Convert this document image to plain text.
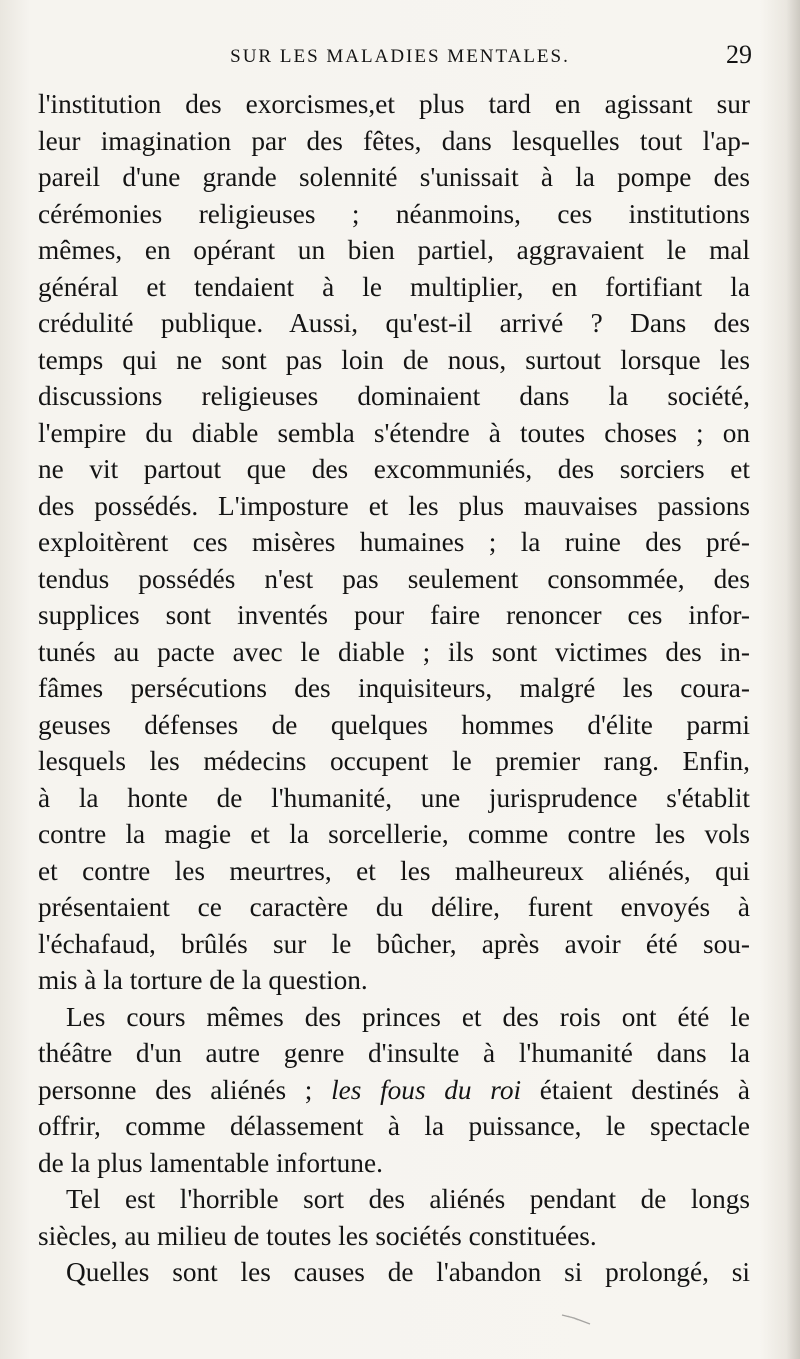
SUR LES MALADIES MENTALES.	29
l'institution des exorcismes,et plus tard en agissant sur
leur imagination par des fêtes, dans lesquelles tout l'ap-
pareil d'une grande solennité s'unissait à la pompe des
cérémonies religieuses ; néanmoins, ces institutions
mêmes, en opérant un bien partiel, aggravaient le mal
général et tendaient à le multiplier, en fortifiant la
crédulité publique. Aussi, qu'est-il arrivé ? Dans des
temps qui ne sont pas loin de nous, surtout lorsque les
discussions religieuses dominaient dans la société,
l'empire du diable sembla s'étendre à toutes choses ; on
ne vit partout que des excommuniés, des sorciers et
des possédés. L'imposture et les plus mauvaises passions
exploitèrent ces misères humaines ; la ruine des pré-
tendus possédés n'est pas seulement consommée, des
supplices sont inventés pour faire renoncer ces infor-
tunés au pacte avec le diable ; ils sont victimes des in-
fâmes persécutions des inquisiteurs, malgré les coura-
geuses défenses de quelques hommes d'élite parmi
lesquels les médecins occupent le premier rang. Enfin,
à la honte de l'humanité, une jurisprudence s'établit
contre la magie et la sorcellerie, comme contre les vols
et contre les meurtres, et les malheureux aliénés, qui
présentaient ce caractère du délire, furent envoyés à
l'échafaud, brûlés sur le bûcher, après avoir été sou-
mis à la torture de la question.
Les cours mêmes des princes et des rois ont été le
théâtre d'un autre genre d'insulte à l'humanité dans la
personne des aliénés ; les fous du roi étaient destinés à
offrir, comme délassement à la puissance, le spectacle
de la plus lamentable infortune.
Tel est l'horrible sort des aliénés pendant de longs
siècles, au milieu de toutes les sociétés constituées.
Quelles sont les causes de l'abandon si prolongé, si
